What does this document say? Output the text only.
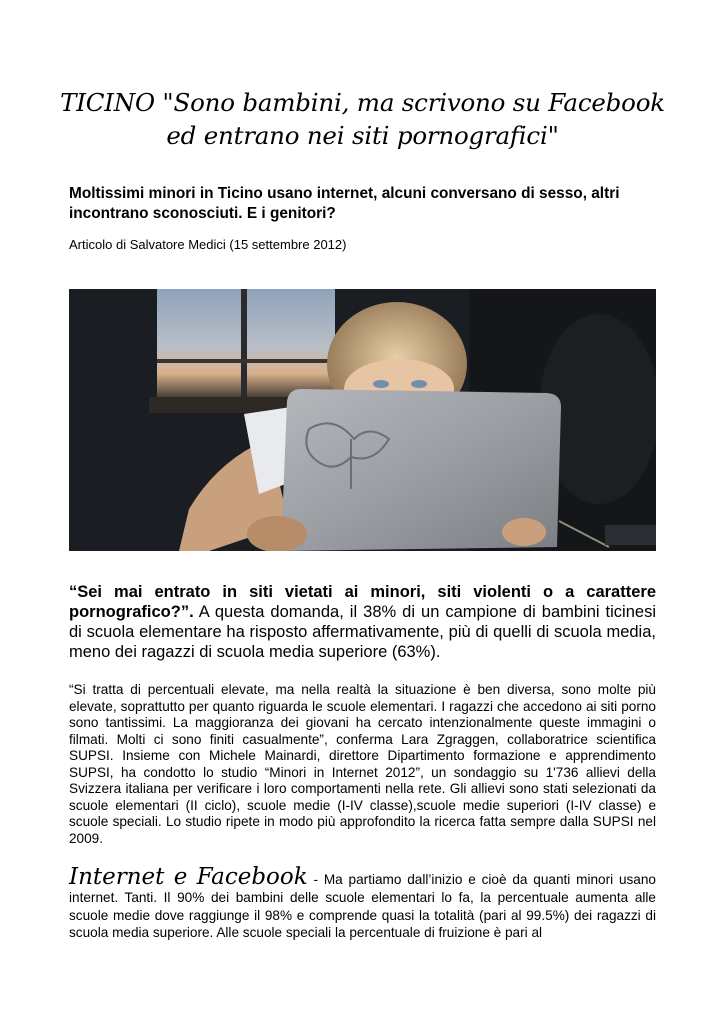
TICINO "Sono bambini, ma scrivono su Facebook ed entrano nei siti pornografici"
Moltissimi minori in Ticino usano internet, alcuni conversano di sesso, altri incontrano sconosciuti. E i genitori?
Articolo di Salvatore Medici (15 settembre 2012)
“Sei mai entrato in siti vietati ai minori, siti violenti o a carattere pornografico?”. A questa domanda, il 38% di un campione di bambini ticinesi di scuola elementare ha risposto affermativamente, più di quelli di scuola media, meno dei ragazzi di scuola media superiore (63%).
“Si tratta di percentuali elevate, ma nella realtà la situazione è ben diversa, sono molte più elevate, soprattutto per quanto riguarda le scuole elementari. I ragazzi che accedono ai siti porno sono tantissimi. La maggioranza dei giovani ha cercato intenzionalmente queste immagini o filmati. Molti ci sono finiti casualmente”, conferma Lara Zgraggen, collaboratrice scientifica SUPSI. Insieme con Michele Mainardi, direttore Dipartimento formazione e apprendimento SUPSI, ha condotto lo studio “Minori in Internet 2012”, un sondaggio su 1'736 allievi della Svizzera italiana per verificare i loro comportamenti nella rete. Gli allievi sono stati selezionati da scuole elementari (II ciclo), scuole medie (I-IV classe),scuole medie superiori (I-IV classe) e scuole speciali. Lo studio ripete in modo più approfondito la ricerca fatta sempre dalla SUPSI nel 2009.
Internet e Facebook - Ma partiamo dall’inizio e cioè da quanti minori usano internet. Tanti. Il 90% dei bambini delle scuole elementari lo fa, la percentuale aumenta alle scuole medie dove raggiunge il 98% e comprende quasi la totalità (pari al 99.5%) dei ragazzi di scuola media superiore. Alle scuole speciali la percentuale di fruizione è pari al
